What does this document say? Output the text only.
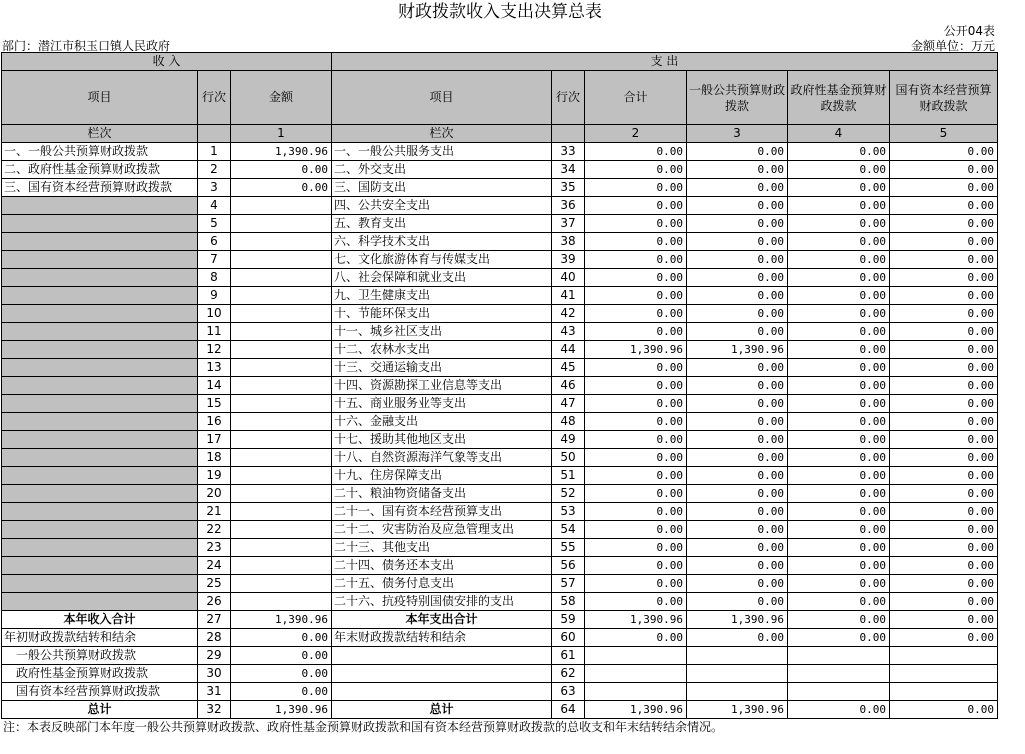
财政拨款收入支出决算总表
公开04表
部门：潜江市积玉口镇人民政府	金额单位：万元
收 入			支 出					
项目	行次	金额	项目	行次	合计	一般公共预算财政拨款	政府性基金预算财政拨款	国有资本经营预算财政拨款
栏次		1	栏次		2	3	4	5
一、一般公共预算财政拨款	1	1,390.96	一、一般公共服务支出	33	0.00	0.00	0.00	0.00
二、政府性基金预算财政拨款	2	0.00	二、外交支出	34	0.00	0.00	0.00	0.00
三、国有资本经营预算财政拨款	3	0.00	三、国防支出	35	0.00	0.00	0.00	0.00
	4		四、公共安全支出	36	0.00	0.00	0.00	0.00
	5		五、教育支出	37	0.00	0.00	0.00	0.00
	6		六、科学技术支出	38	0.00	0.00	0.00	0.00
	7		七、文化旅游体育与传媒支出	39	0.00	0.00	0.00	0.00
	8		八、社会保障和就业支出	40	0.00	0.00	0.00	0.00
	9		九、卫生健康支出	41	0.00	0.00	0.00	0.00
	10		十、节能环保支出	42	0.00	0.00	0.00	0.00
	11		十一、城乡社区支出	43	0.00	0.00	0.00	0.00
	12		十二、农林水支出	44	1,390.96	1,390.96	0.00	0.00
	13		十三、交通运输支出	45	0.00	0.00	0.00	0.00
	14		十四、资源勘探工业信息等支出	46	0.00	0.00	0.00	0.00
	15		十五、商业服务业等支出	47	0.00	0.00	0.00	0.00
	16		十六、金融支出	48	0.00	0.00	0.00	0.00
	17		十七、援助其他地区支出	49	0.00	0.00	0.00	0.00
	18		十八、自然资源海洋气象等支出	50	0.00	0.00	0.00	0.00
	19		十九、住房保障支出	51	0.00	0.00	0.00	0.00
	20		二十、粮油物资储备支出	52	0.00	0.00	0.00	0.00
	21		二十一、国有资本经营预算支出	53	0.00	0.00	0.00	0.00
	22		二十二、灾害防治及应急管理支出	54	0.00	0.00	0.00	0.00
	23		二十三、其他支出	55	0.00	0.00	0.00	0.00
	24		二十四、债务还本支出	56	0.00	0.00	0.00	0.00
	25		二十五、债务付息支出	57	0.00	0.00	0.00	0.00
	26		二十六、抗疫特别国债安排的支出	58	0.00	0.00	0.00	0.00
本年收入合计	27	1,390.96	本年支出合计	59	1,390.96	1,390.96	0.00	0.00
年初财政拨款结转和结余	28	0.00	年末财政拨款结转和结余	60	0.00	0.00	0.00	0.00
一般公共预算财政拨款	29	0.00		61				
政府性基金预算财政拨款	30	0.00		62				
国有资本经营预算财政拨款	31	0.00		63				
总计	32	1,390.96	总计	64	1,390.96	1,390.96	0.00	0.00
注：本表反映部门本年度一般公共预算财政拨款、政府性基金预算财政拨款和国有资本经营预算财政拨款的总收支和年末结转结余情况。
